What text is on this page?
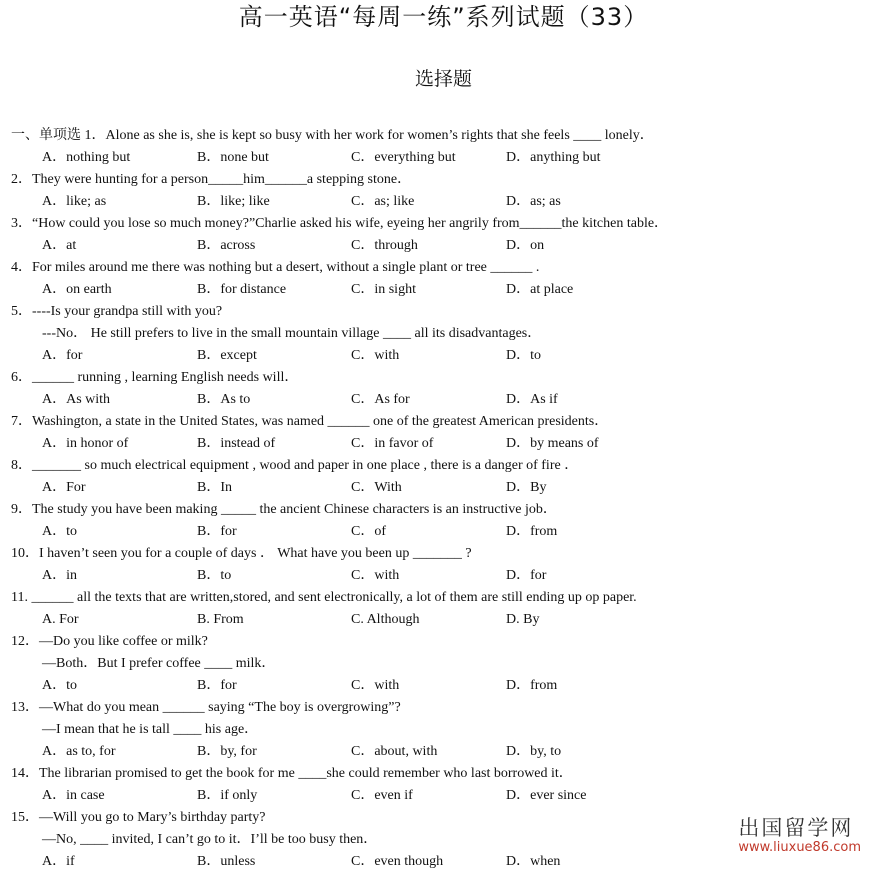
高一英语“每周一练”系列试题（33）
选择题
一、单项选 1．Alone as she is, she is kept so busy with her work for women’s rights that she feels ____ lonely．
A．nothing but	B．none but	C．everything but	D．anything but
2．They were hunting for a person_____him______a stepping stone．
A．like; as	B．like; like	C．as; like	D．as; as
3．“How could you lose so much money?”Charlie asked his wife, eyeing her angrily from______the kitchen table．
A．at	B．across	C．through	D．on
4．For miles around me there was nothing but a desert, without a single plant or tree ______ .
A．on earth	B．for distance	C．in sight	D．at place
5．----Is your grandpa still with you?
---No． He still prefers to live in the small mountain village ____ all its disadvantages．
A．for	B．except	C．with	D．to
6．______ running , learning English needs will．
A．As with	B．As to	C．As for	D．As if
7．Washington, a state in the United States, was named ______ one of the greatest American presidents．
A．in honor of	B．instead of	C．in favor of	D．by means of
8．_______ so much electrical equipment , wood and paper in one place , there is a danger of fire ．
A．For	B．In	C．With	D．By
9．The study you have been making _____ the ancient Chinese characters is an instructive job．
A．to	B．for	C．of	D．from
10．I haven’t seen you for a couple of days ． What have you been up _______ ?
A．in	B．to	C．with	D．for
11. ______ all the texts that are written,stored, and sent electronically, a lot of them are still ending up op paper.
A. For	B. From	C. Although	D. By
12．—Do you like coffee or milk?
—Both．But I prefer coffee ____ milk．
A．to	B．for	C．with	D．from
13．—What do you mean ______ saying “The boy is overgrowing”?
—I mean that he is tall ____ his age．
A．as to, for	B．by, for	C．about, with	D．by, to
14．The librarian promised to get the book for me ____she could remember who last borrowed it．
A．in case	B．if only	C．even if	D．ever since
15．—Will you go to Mary’s birthday party?
—No, ____ invited, I can’t go to it．I’ll be too busy then．
A．if	B．unless	C．even though	D．when
出国留学网
www.liuxue86.com
